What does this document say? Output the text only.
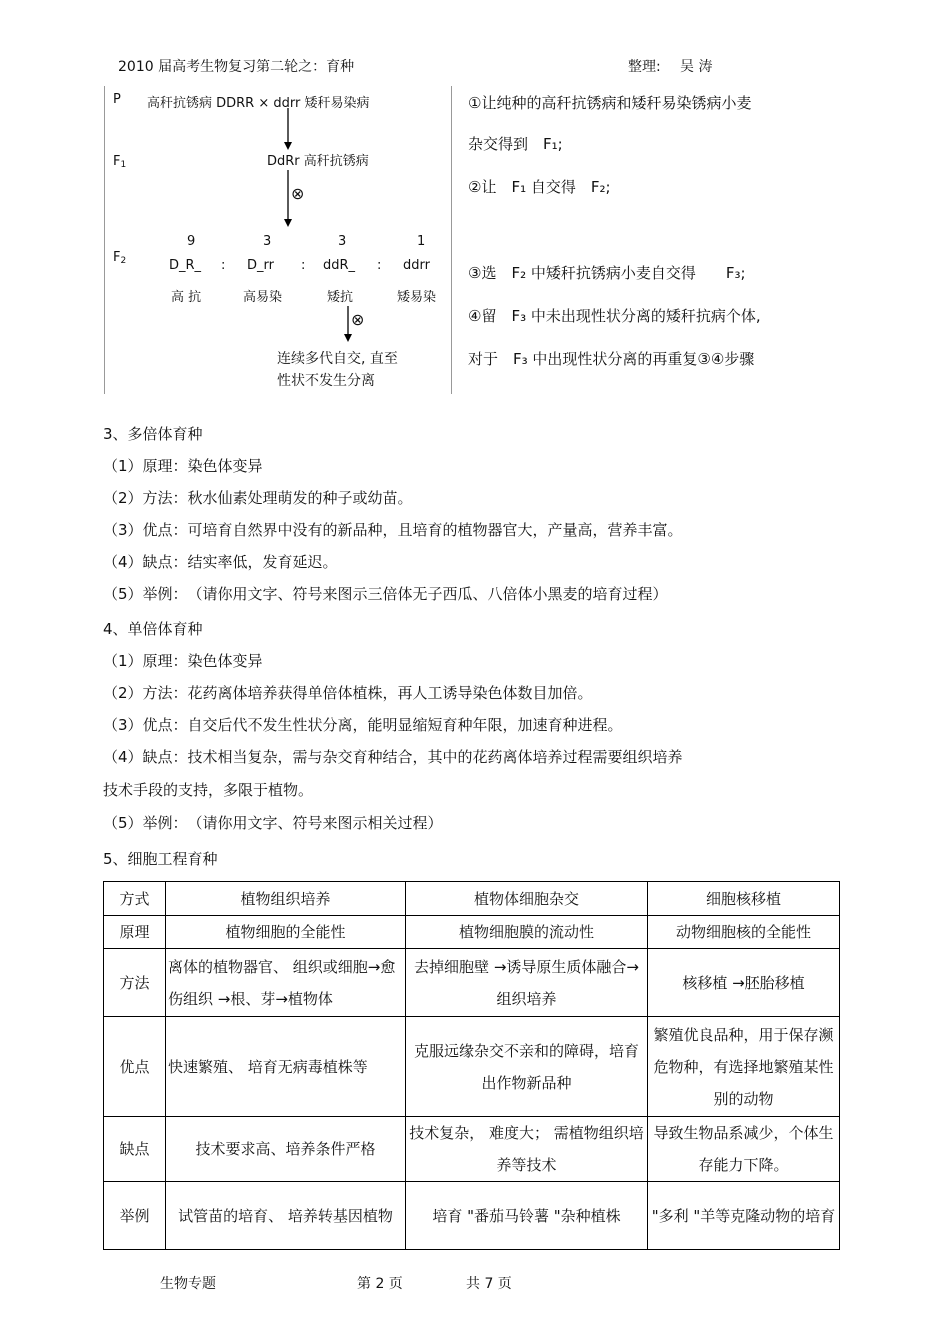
2010 届高考生物复习第二轮之：育种	整理: 吴 涛
P 高秆抗锈病 DDRR × ddrr 矮秆易染病
$F_1$	DdRr 高秆抗锈病
⊗
$F_2$
9	3	3	1
D_R_ : D_rr : ddR_ : ddrr
高 抗	高易染	矮抗	矮易染
⊗
连续多代自交, 直至
性状不发生分离
①让纯种的高秆抗锈病和矮秆易染锈病小麦
杂交得到　F₁;
②让　F₁ 自交得　F₂;
③选　F₂ 中矮秆抗锈病小麦自交得　　F₃;
④留　F₃ 中未出现性状分离的矮秆抗病个体,
对于　F₃ 中出现性状分离的再重复③④步骤
3、多倍体育种
（1）原理：染色体变异
（2）方法：秋水仙素处理萌发的种子或幼苗。
（3）优点：可培育自然界中没有的新品种，且培育的植物器官大，产量高，营养丰富。
（4）缺点：结实率低，发育延迟。
（5）举例：　（请你用文字、符号来图示三倍体无子西瓜、八倍体小黑麦的培育过程）
4、单倍体育种
（1）原理：染色体变异
（2）方法：花药离体培养获得单倍体植株，再人工诱导染色体数目加倍。
（3）优点：自交后代不发生性状分离，能明显缩短育种年限，加速育种进程。
（4）缺点：技术相当复杂，需与杂交育种结合，其中的花药离体培养过程需要组织培养
技术手段的支持，多限于植物。
（5）举例：　（请你用文字、符号来图示相关过程）
5、细胞工程育种
方式	植物组织培养	植物体细胞杂交	细胞核移植
原理	植物细胞的全能性	植物细胞膜的流动性	动物细胞核的全能性
方法	离体的植物器官、 组织或细胞→愈伤组织 →根、芽→植物体	去掉细胞壁 →诱导原生质体融合→组织培养	核移植 →胚胎移植
优点	快速繁殖、 培育无病毒植株等	克服远缘杂交不亲和的障碍，培育出作物新品种	繁殖优良品种，用于保存濒危物种，有选择地繁殖某性别的动物
缺点	技术要求高、培养条件严格	技术复杂， 难度大； 需植物组织培养等技术	导致生物品系减少，个体生存能力下降。
举例	试管苗的培育、 培养转基因植物	培育 "番茄马铃薯 "杂种植株	"多利 "羊等克隆动物的培育
生物专题	第 2 页	共 7 页
